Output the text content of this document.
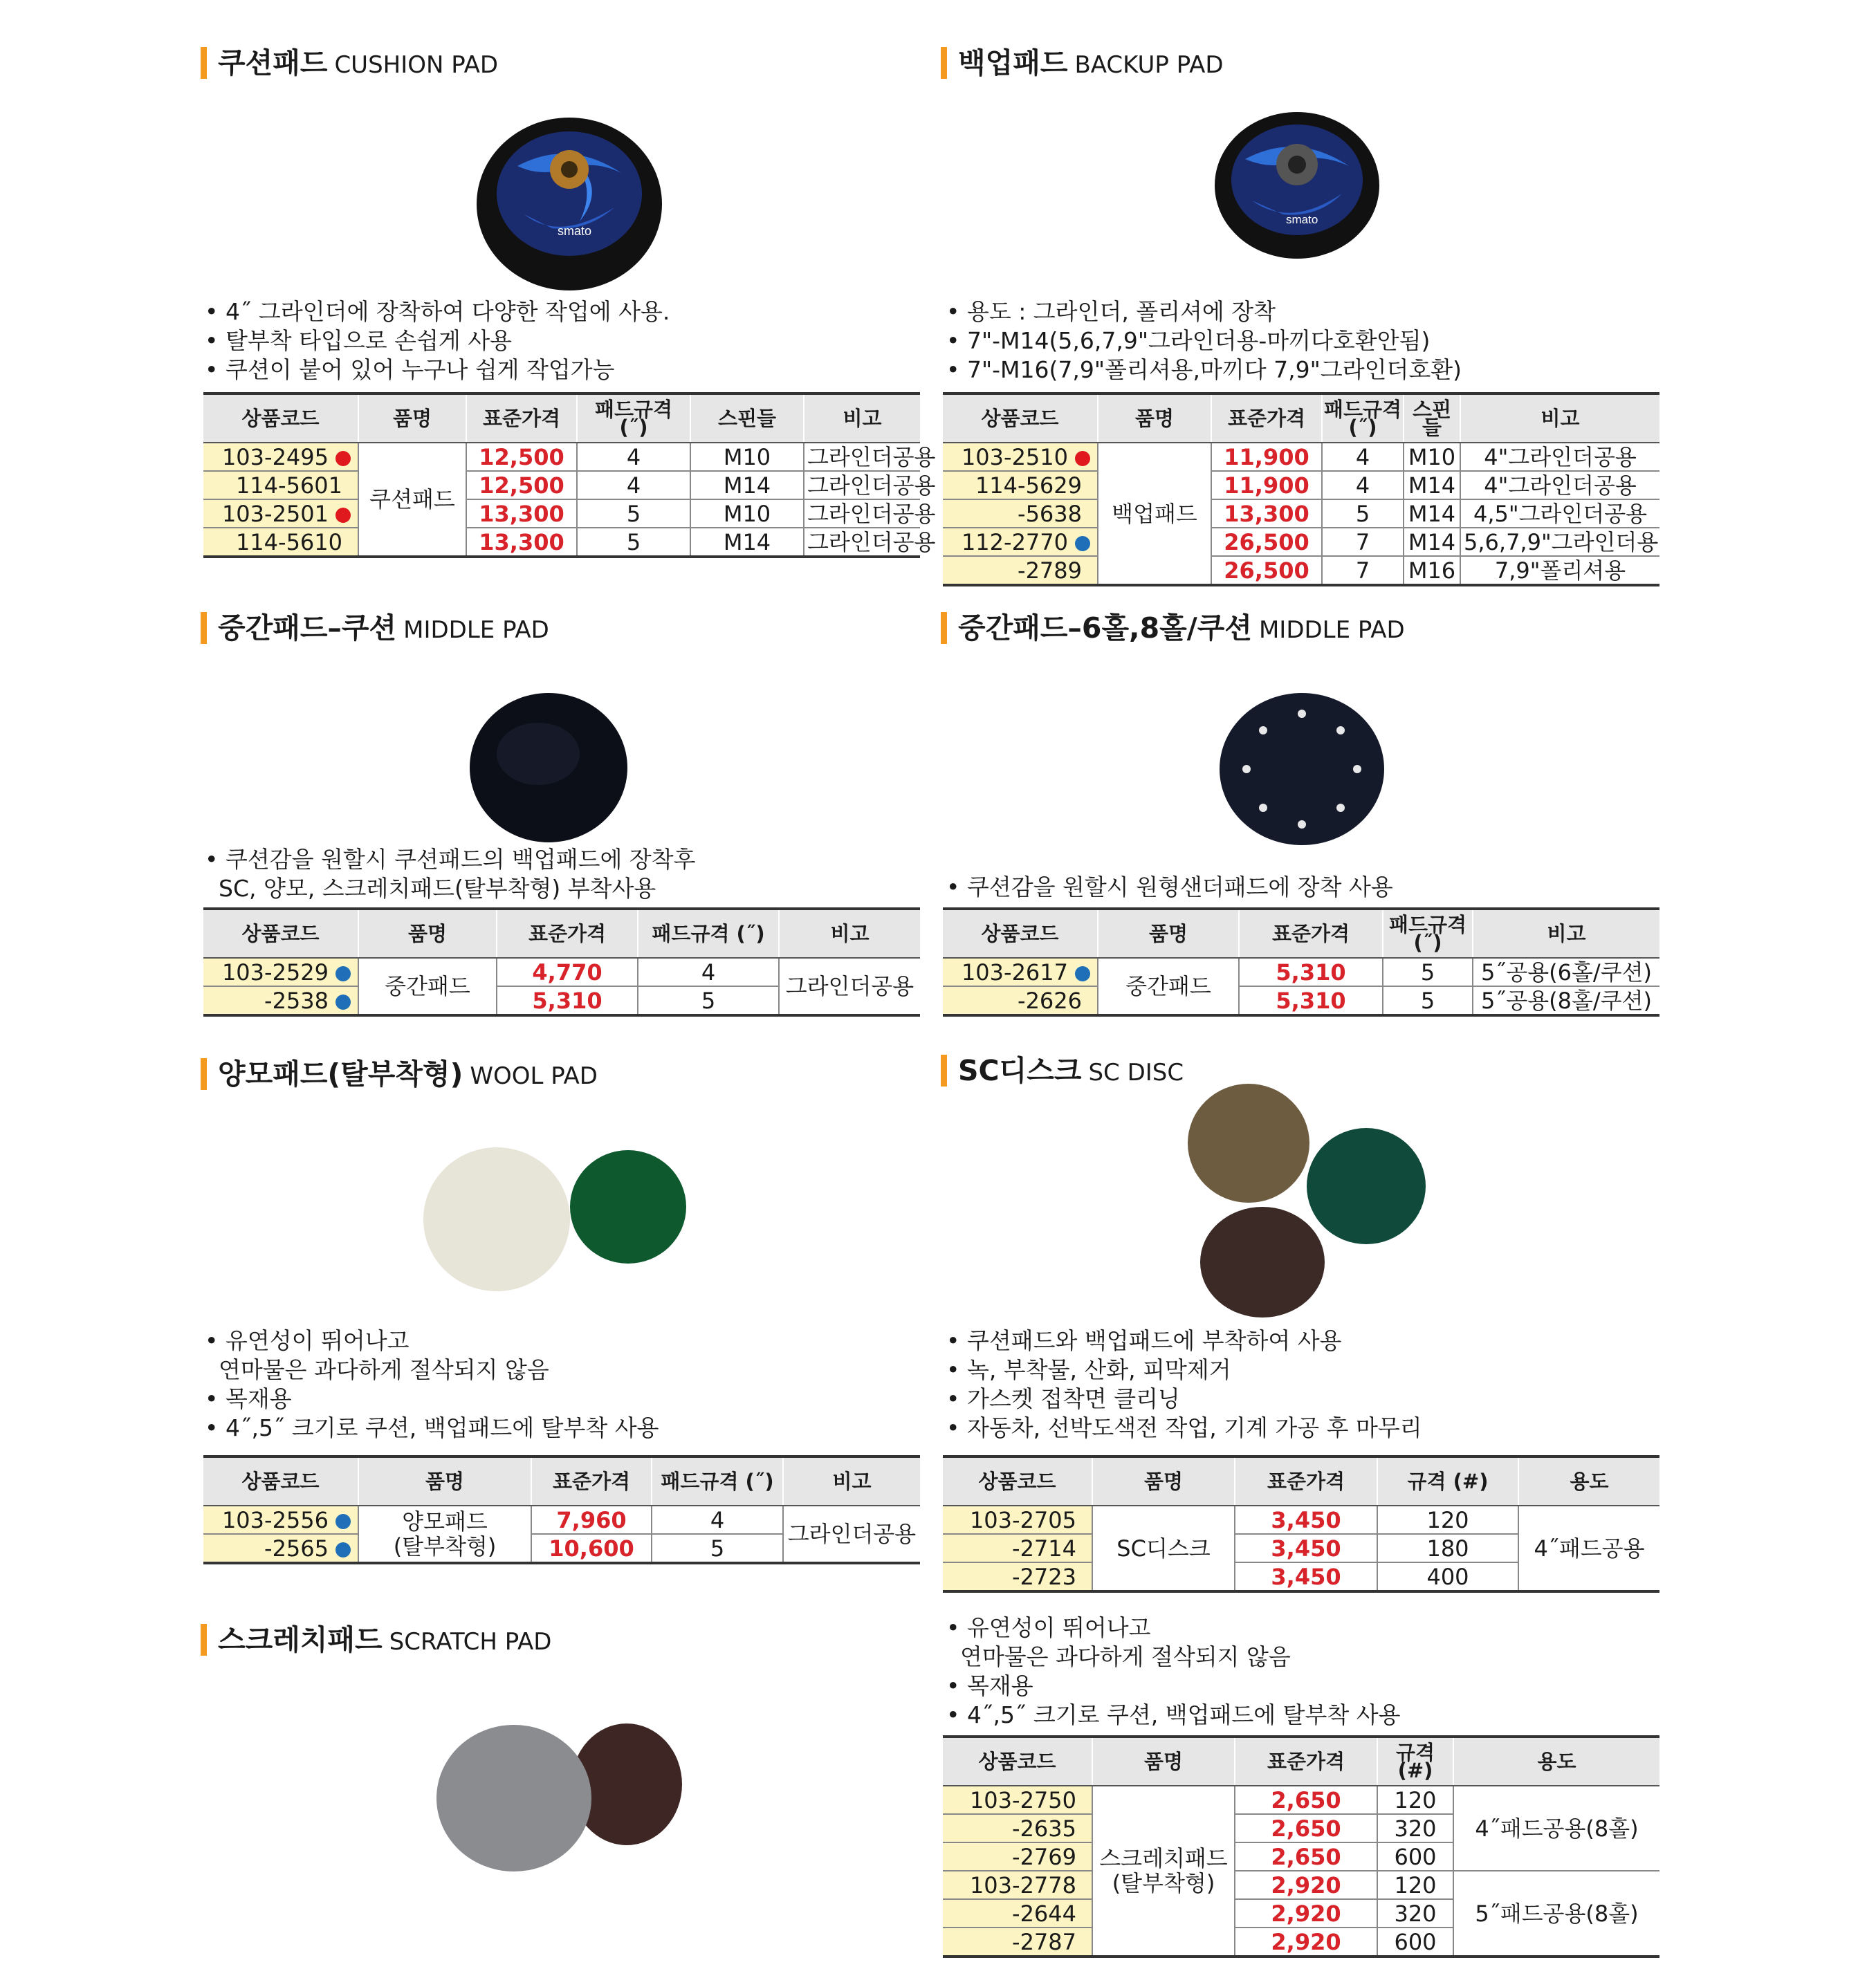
쿠션패드 CUSHION PAD
smato
• 4˝ 그라인더에 장착하여 다양한 작업에 사용.
• 탈부착 타입으로 손쉽게 사용
• 쿠션이 붙어 있어 누구나 쉽게 작업가능
상품코드	품명	표준가격	패드규격 (˝)	스핀들	비고
103-2495	쿠션패드	12,500	4	M10	그라인더공용
114-5601		12,500	4	M14	그라인더공용
103-2501		13,300	5	M10	그라인더공용
114-5610		13,300	5	M14	그라인더공용
백업패드 BACKUP PAD
smato
• 용도 : 그라인더, 폴리셔에 장착
• 7"-M14(5,6,7,9"그라인더용-마끼다호환안됨)
• 7"-M16(7,9"폴리셔용,마끼다 7,9"그라인더호환)
상품코드	품명	표준가격	패드규격 (˝)	스핀들	비고
103-2510	백업패드	11,900	4	M10	4"그라인더공용
114-5629		11,900	4	M14	4"그라인더공용
-5638		13,300	5	M14	4,5"그라인더공용
112-2770		26,500	7	M14	5,6,7,9"그라인더용
-2789		26,500	7	M16	7,9"폴리셔용
중간패드–쿠션 MIDDLE PAD
• 쿠션감을 원할시 쿠션패드의 백업패드에 장착후
SC, 양모, 스크레치패드(탈부착형) 부착사용
상품코드	품명	표준가격	패드규격 (˝)	비고
103-2529	중간패드	4,770	4	그라인더공용
-2538		5,310	5	
중간패드–6홀,8홀/쿠션 MIDDLE PAD
• 쿠션감을 원할시 원형샌더패드에 장착 사용
상품코드	품명	표준가격	패드규격 (˝)	비고
103-2617	중간패드	5,310	5	5˝공용(6홀/쿠션)
-2626		5,310	5	5˝공용(8홀/쿠션)
양모패드(탈부착형) WOOL PAD
• 유연성이 뛰어나고
연마물은 과다하게 절삭되지 않음
• 목재용
• 4˝,5˝ 크기로 쿠션, 백업패드에 탈부착 사용
상품코드	품명	표준가격	패드규격 (˝)	비고
103-2556	양모패드
(탈부착형)	7,960	4	그라인더공용
-2565		10,600	5	
SC디스크 SC DISC
• 쿠션패드와 백업패드에 부착하여 사용
• 녹, 부착물, 산화, 피막제거
• 가스켓 접착면 클리닝
• 자동차, 선박도색전 작업, 기계 가공 후 마무리
상품코드	품명	표준가격	규격 (#)	용도
103-2705	SC디스크	3,450	120	4˝패드공용
-2714		3,450	180	
-2723		3,450	400	
스크레치패드 SCRATCH PAD
• 유연성이 뛰어나고
연마물은 과다하게 절삭되지 않음
• 목재용
• 4˝,5˝ 크기로 쿠션, 백업패드에 탈부착 사용
상품코드	품명	표준가격	규격 (#)	용도
103-2750	스크레치패드
(탈부착형)	2,650	120	4˝패드공용(8홀)
-2635		2,650	320	
-2769		2,650	600	
103-2778		2,920	120	5˝패드공용(8홀)
-2644		2,920	320	
-2787		2,920	600	
